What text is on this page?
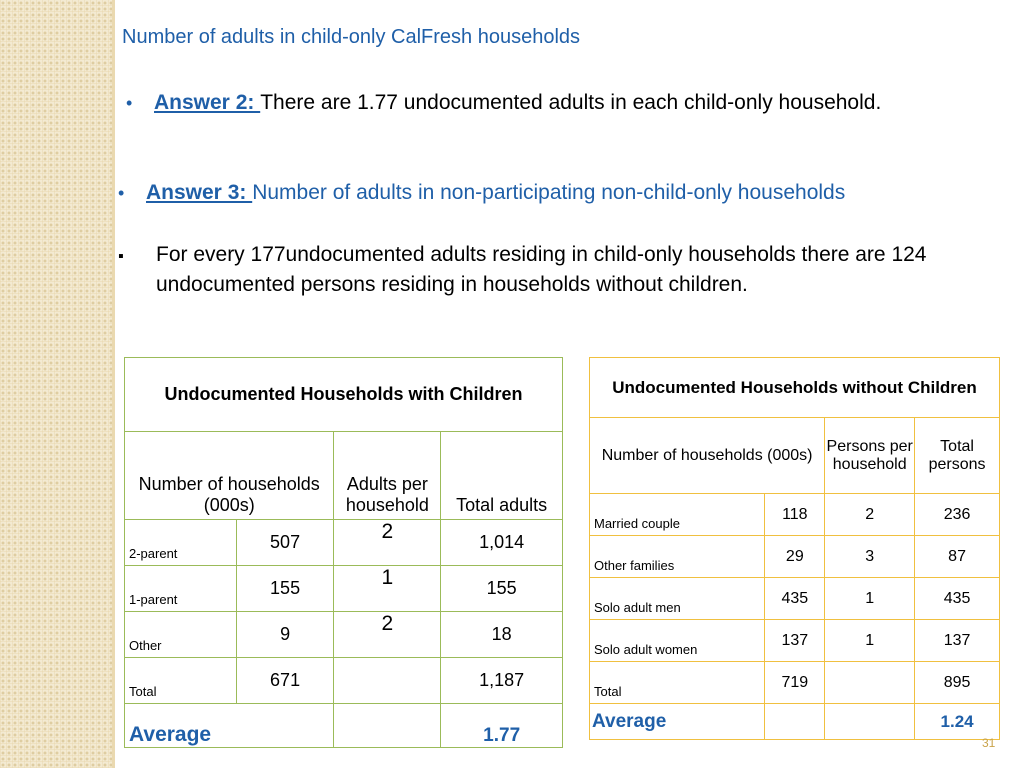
Number of adults in child-only CalFresh households
• Answer 2: There are 1.77 undocumented adults in each child-only household.
• Answer 3: Number of adults in non-participating non-child-only households
▪ For every 177undocumented adults residing in child-only households there are 124 undocumented persons residing in households without children.
Undocumented Households with Children			
Number of households (000s)		Adults per household	Total adults
2-parent	507	2	1,014
1-parent	155	1	155
Other	9	2	18
Total	671		1,187
Average			1.77
Undocumented Households without Children			
Number of households (000s)		Persons per household	Total persons
Married couple	118	2	236
Other families	29	3	87
Solo adult men	435	1	435
Solo adult women	137	1	137
Total	719		895
Average			1.24
31
